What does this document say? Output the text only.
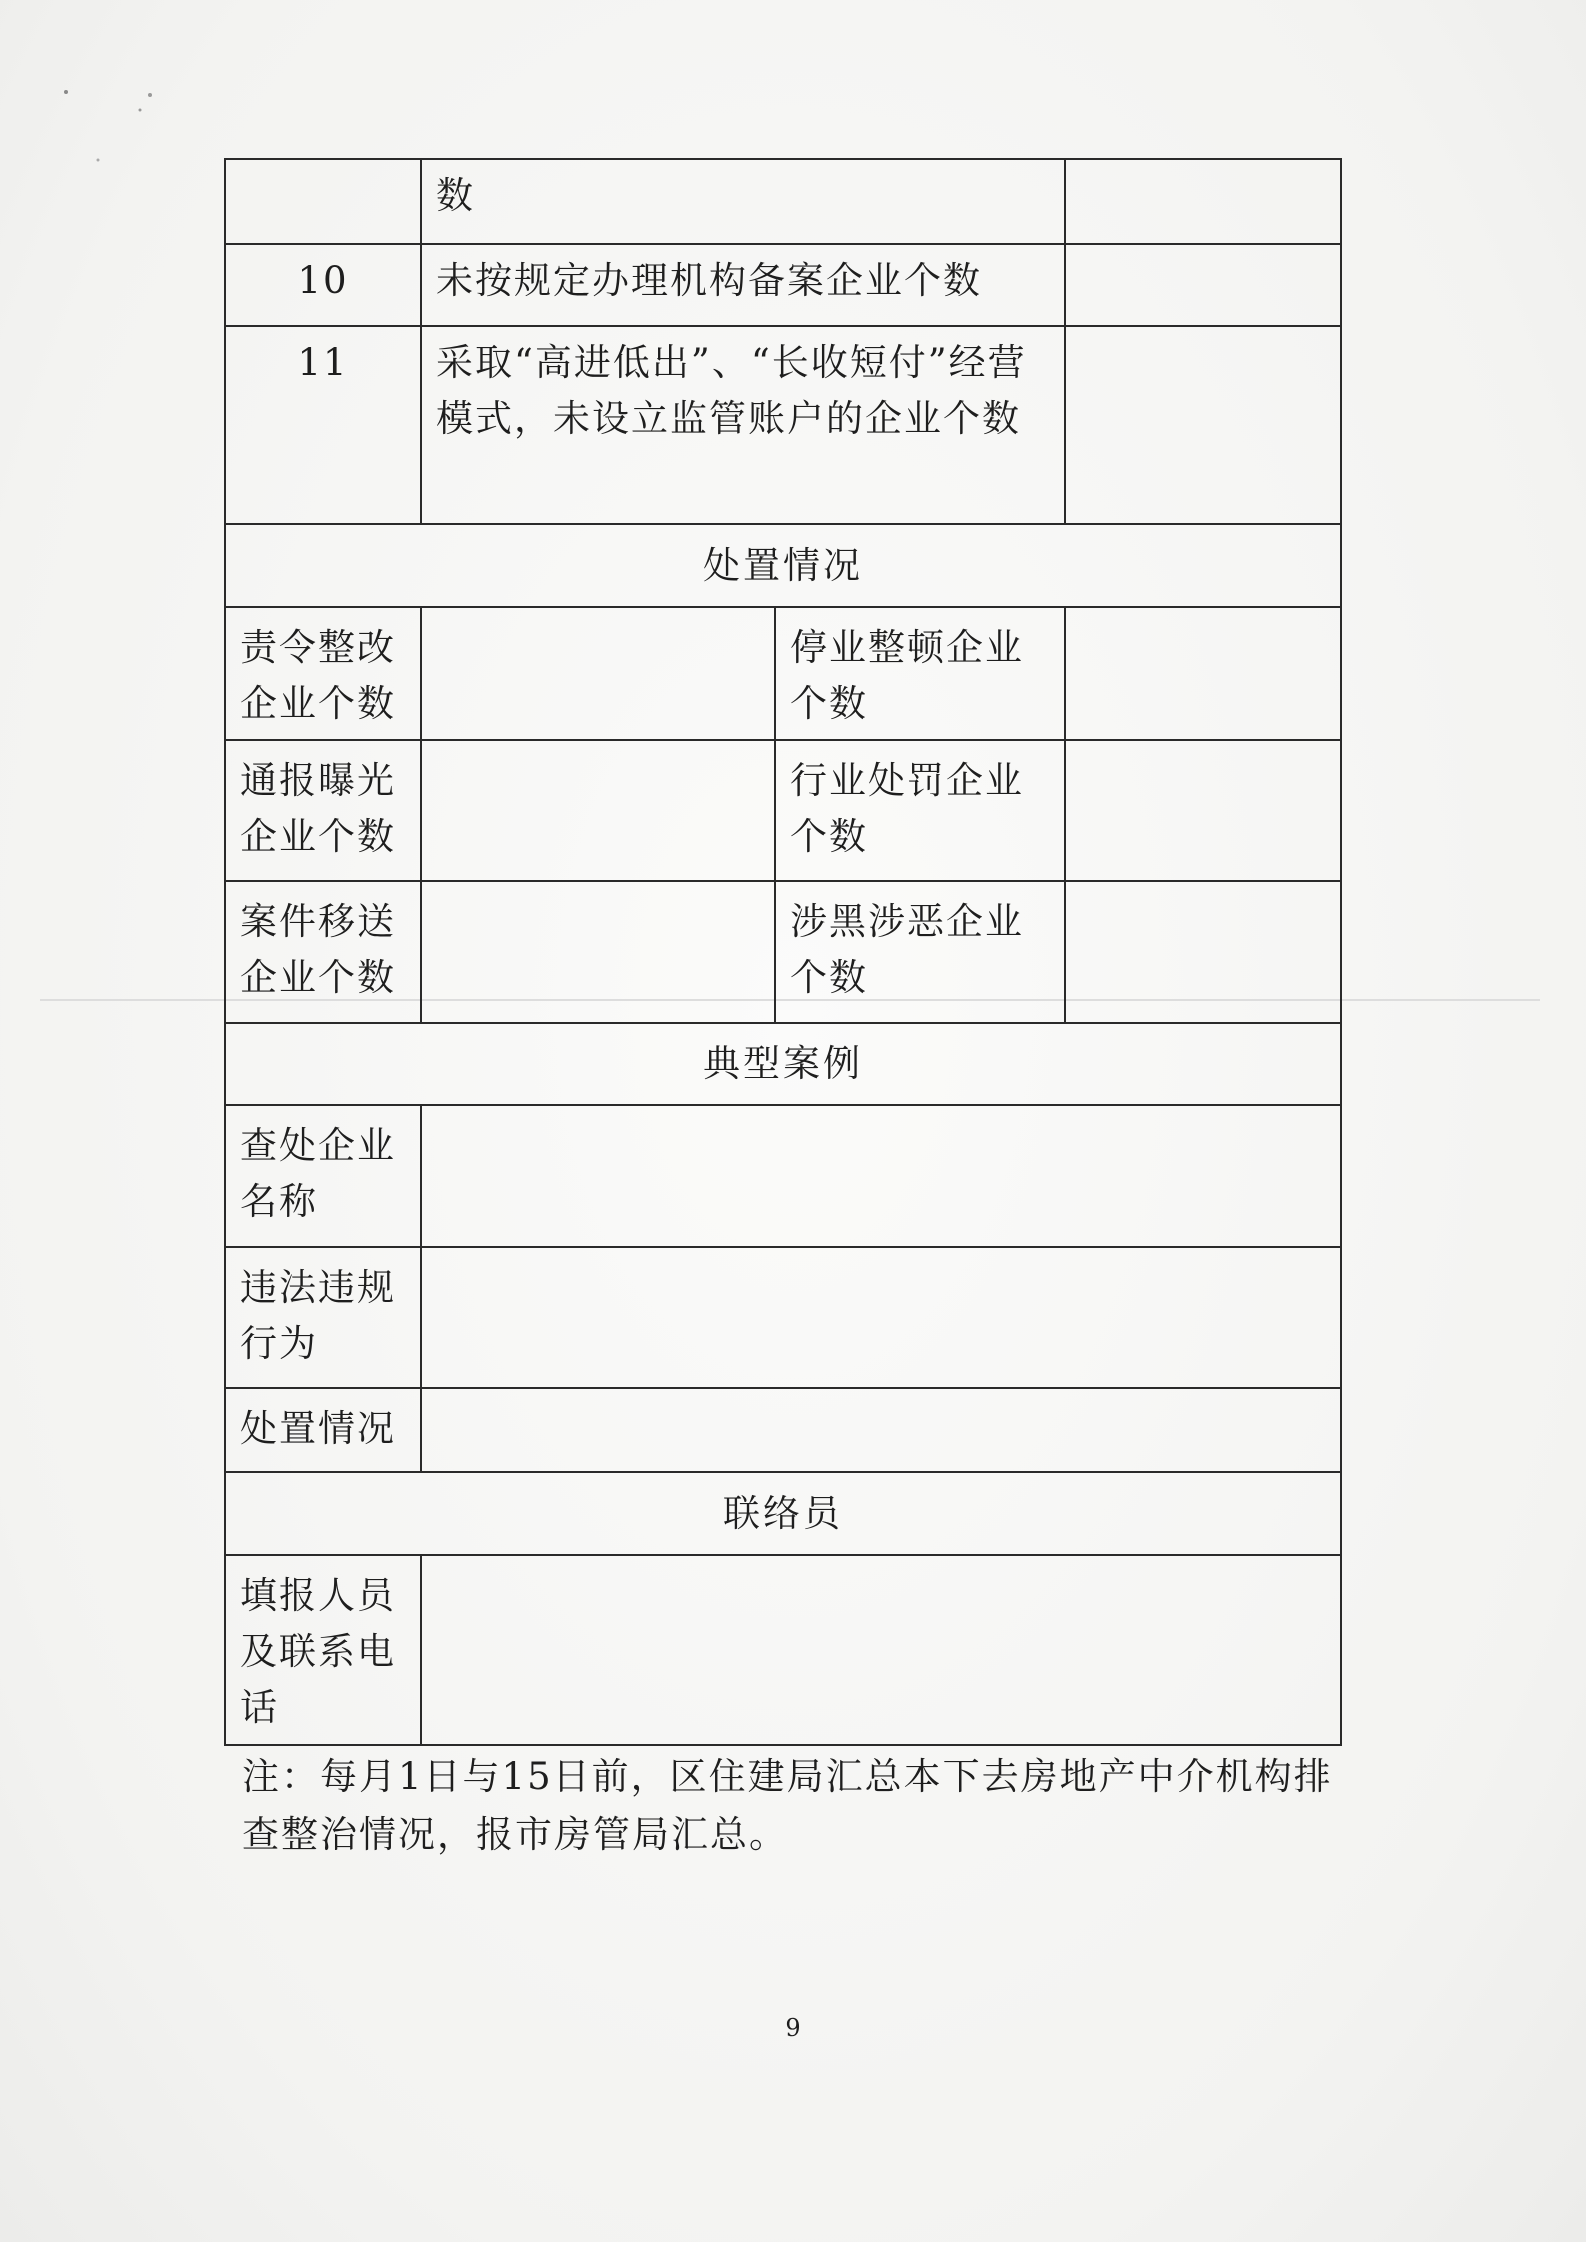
	数		
10	未按规定办理机构备案企业个数		
11	采取“高进低出”、“长收短付”经营模式，未设立监管账户的企业个数		
处置情况			
责令整改企业个数		停业整顿企业个数	
通报曝光企业个数		行业处罚企业个数	
案件移送企业个数		涉黑涉恶企业个数	
典型案例			
查处企业名称			
违法违规行为			
处置情况			
联络员			
填报人员及联系电话			
注：每月1日与15日前，区住建局汇总本下去房地产中介机构排查整治情况，报市房管局汇总。
9
